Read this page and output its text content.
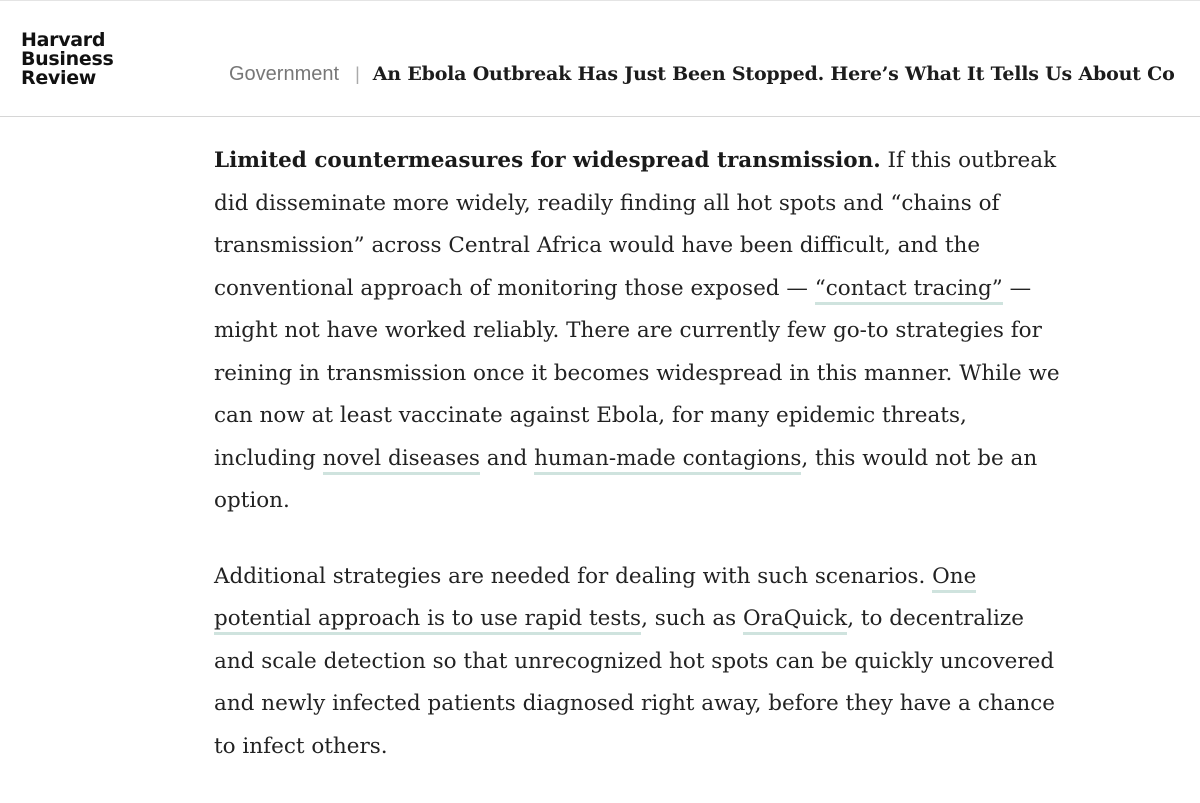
Harvard
Business
Review	Government | An Ebola Outbreak Has Just Been Stopped. Here’s What It Tells Us About Co

Limited countermeasures for widespread transmission. If this outbreak did disseminate more widely, readily finding all hot spots and “chains of transmission” across Central Africa would have been difficult, and the conventional approach of monitoring those exposed — “contact tracing” — might not have worked reliably. There are currently few go-to strategies for reining in transmission once it becomes widespread in this manner. While we can now at least vaccinate against Ebola, for many epidemic threats, including novel diseases and human-made contagions, this would not be an option.

Additional strategies are needed for dealing with such scenarios. One potential approach is to use rapid tests, such as OraQuick, to decentralize and scale detection so that unrecognized hot spots can be quickly uncovered and newly infected patients diagnosed right away, before they have a chance to infect others.
